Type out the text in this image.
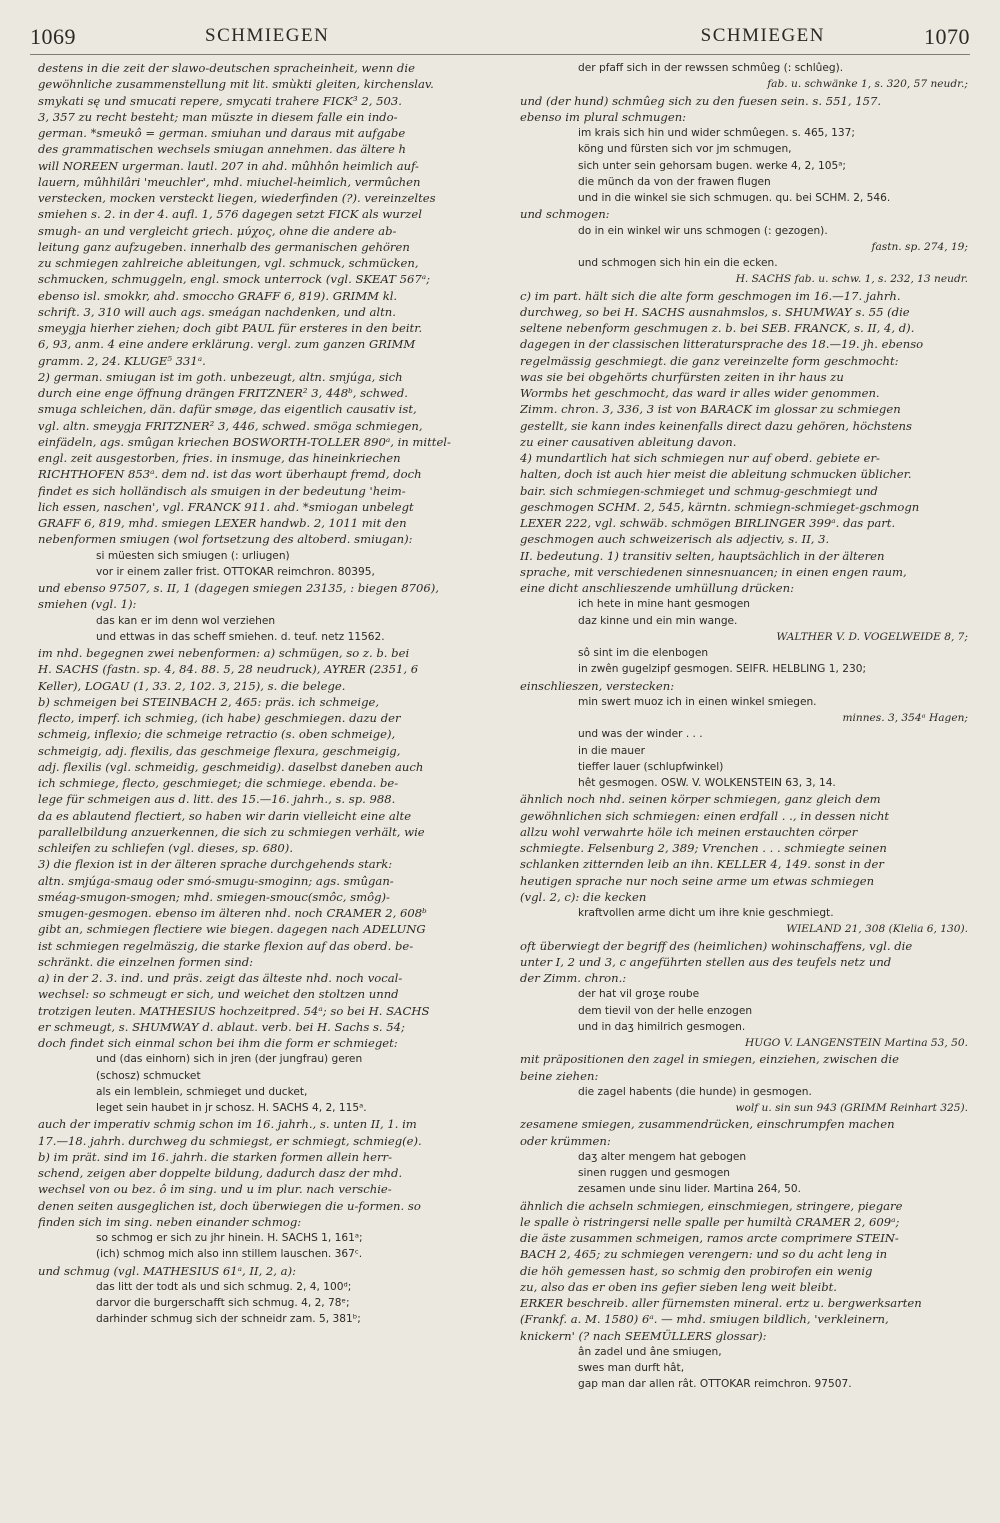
1069	SCHMIEGEN	SCHMIEGEN	1070
destens in die zeit der slawo-deutschen spracheinheit, wenn die
gewöhnliche zusammenstellung mit lit. smùkti gleiten, kirchenslav.
smykati sę und smucati repere, smycati trahere FICK³ 2, 503.
3, 357 zu recht besteht; man müszte in diesem falle ein indo-
german. *smeukô = german. smiuhan und daraus mit aufgabe
des grammatischen wechsels smiugan annehmen. das ältere h
will NOREEN urgerman. lautl. 207 in ahd. mûhhôn heimlich auf-
lauern, mûhhilâri 'meuchler', mhd. miuchel-heimlich, vermûchen
verstecken, mocken versteckt liegen, wiederfinden (?). vereinzeltes
smiehen s. 2. in der 4. aufl. 1, 576 dagegen setzt FICK als wurzel
smugh- an und vergleicht griech. μύχος, ohne die andere ab-
leitung ganz aufzugeben. innerhalb des germanischen gehören
zu schmiegen zahlreiche ableitungen, vgl. schmuck, schmücken,
schmucken, schmuggeln, engl. smock unterrock (vgl. SKEAT 567ᵃ;
ebenso isl. smokkr, ahd. smoccho GRAFF 6, 819). GRIMM kl.
schrift. 3, 310 will auch ags. smeágan nachdenken, und altn.
smeygja hierher ziehen; doch gibt PAUL für ersteres in den beitr.
6, 93, anm. 4 eine andere erklärung. vergl. zum ganzen GRIMM
gramm. 2, 24. KLUGE⁵ 331ᵃ.
2) german. smiugan ist im goth. unbezeugt, altn. smjúga, sich
durch eine enge öffnung drängen FRITZNER² 3, 448ᵇ, schwed.
smuga schleichen, dän. dafür smøge, das eigentlich causativ ist,
vgl. altn. smeygja FRITZNER² 3, 446, schwed. smöga schmiegen,
einfädeln, ags. smûgan kriechen BOSWORTH-TOLLER 890ᵃ, in mittel-
engl. zeit ausgestorben, fries. in insmuge, das hineinkriechen
RICHTHOFEN 853ᵃ. dem nd. ist das wort überhaupt fremd, doch
findet es sich holländisch als smuigen in der bedeutung 'heim-
lich essen, naschen', vgl. FRANCK 911. ahd. *smiogan unbelegt
GRAFF 6, 819, mhd. smiegen LEXER handwb. 2, 1011 mit den
nebenformen smiugen (wol fortsetzung des altoberd. smiugan):
si müesten sich smiugen (: urliugen)
vor ir einem zaller frist. OTTOKAR reimchron. 80395,
und ebenso 97507, s. II, 1 (dagegen smiegen 23135, : biegen 8706),
smiehen (vgl. 1):
das kan er im denn wol verziehen
und ettwas in das scheff smiehen. d. teuf. netz 11562.
im nhd. begegnen zwei nebenformen: a) schmügen, so z. b. bei
H. SACHS (fastn. sp. 4, 84. 88. 5, 28 neudruck), AYRER (2351, 6
Keller), LOGAU (1, 33. 2, 102. 3, 215), s. die belege.
b) schmeigen bei STEINBACH 2, 465: präs. ich schmeige,
flecto, imperf. ich schmieg, (ich habe) geschmiegen. dazu der
schmeig, inflexio; die schmeige retractio (s. oben schmeige),
schmeigig, adj. flexilis, das geschmeige flexura, geschmeigig,
adj. flexilis (vgl. schmeidig, geschmeidig). daselbst daneben auch
ich schmiege, flecto, geschmieget; die schmiege. ebenda. be-
lege für schmeigen aus d. litt. des 15.—16. jahrh., s. sp. 988.
da es ablautend flectiert, so haben wir darin vielleicht eine alte
parallelbildung anzuerkennen, die sich zu schmiegen verhält, wie
schleifen zu schliefen (vgl. dieses, sp. 680).
3) die flexion ist in der älteren sprache durchgehends stark:
altn. smjúga-smaug oder smó-smugu-smoginn; ags. smûgan-
sméag-smugon-smogen; mhd. smiegen-smouc(smôc, smôg)-
smugen-gesmogen. ebenso im älteren nhd. noch CRAMER 2, 608ᵇ
gibt an, schmiegen flectiere wie biegen. dagegen nach ADELUNG
ist schmiegen regelmäszig, die starke flexion auf das oberd. be-
schränkt. die einzelnen formen sind:
a) in der 2. 3. ind. und präs. zeigt das älteste nhd. noch vocal-
wechsel: so schmeugt er sich, und weichet den stoltzen unnd
trotzigen leuten. MATHESIUS hochzeitpred. 54ᵃ; so bei H. SACHS
er schmeugt, s. SHUMWAY d. ablaut. verb. bei H. Sachs s. 54;
doch findet sich einmal schon bei ihm die form er schmieget:
und (das einhorn) sich in jren (der jungfrau) geren
(schosz) schmucket
als ein lemblein, schmieget und ducket,
leget sein haubet in jr schosz. H. SACHS 4, 2, 115ᵃ.
auch der imperativ schmig schon im 16. jahrh., s. unten II, 1. im
17.—18. jahrh. durchweg du schmiegst, er schmiegt, schmieg(e).
b) im prät. sind im 16. jahrh. die starken formen allein herr-
schend, zeigen aber doppelte bildung, dadurch dasz der mhd.
wechsel von ou bez. ô im sing. und u im plur. nach verschie-
denen seiten ausgeglichen ist, doch überwiegen die u-formen. so
finden sich im sing. neben einander schmog:
so schmog er sich zu jhr hinein. H. SACHS 1, 161ᵃ;
(ich) schmog mich also inn stillem lauschen. 367ᶜ.
und schmug (vgl. MATHESIUS 61ᵃ, II, 2, a):
das litt der todt als und sich schmug. 2, 4, 100ᵈ;
darvor die burgerschafft sich schmug. 4, 2, 78ᵉ;
darhinder schmug sich der schneidr zam. 5, 381ᵇ;
der pfaff sich in der rewssen schmûeg (: schlûeg).
fab. u. schwänke 1, s. 320, 57 neudr.;
und (der hund) schmûeg sich zu den fuesen sein. s. 551, 157.
ebenso im plural schmugen:
im krais sich hin und wider schmûegen. s. 465, 137;
köng und fürsten sich vor jm schmugen,
sich unter sein gehorsam bugen. werke 4, 2, 105ᵃ;
die münch da von der frawen flugen
und in die winkel sie sich schmugen. qu. bei SCHM. 2, 546.
und schmogen:
do in ein winkel wir uns schmogen (: gezogen).
fastn. sp. 274, 19;
und schmogen sich hin ein die ecken.
H. SACHS fab. u. schw. 1, s. 232, 13 neudr.
c) im part. hält sich die alte form geschmogen im 16.—17. jahrh.
durchweg, so bei H. SACHS ausnahmslos, s. SHUMWAY s. 55 (die
seltene nebenform geschmugen z. b. bei SEB. FRANCK, s. II, 4, d).
dagegen in der classischen litteratursprache des 18.—19. jh. ebenso
regelmässig geschmiegt. die ganz vereinzelte form geschmocht:
was sie bei obgehörts churfürsten zeiten in ihr haus zu
Wormbs het geschmocht, das ward ir alles wider genommen.
Zimm. chron. 3, 336, 3 ist von BARACK im glossar zu schmiegen
gestellt, sie kann indes keinenfalls direct dazu gehören, höchstens
zu einer causativen ableitung davon.
4) mundartlich hat sich schmiegen nur auf oberd. gebiete er-
halten, doch ist auch hier meist die ableitung schmucken üblicher.
bair. sich schmiegen-schmieget und schmug-geschmiegt und
geschmogen SCHM. 2, 545, kärntn. schmiegn-schmieget-gschmogn
LEXER 222, vgl. schwäb. schmögen BIRLINGER 399ᵃ. das part.
geschmogen auch schweizerisch als adjectiv, s. II, 3.
II. bedeutung. 1) transitiv selten, hauptsächlich in der älteren
sprache, mit verschiedenen sinnesnuancen; in einen engen raum,
eine dicht anschlieszende umhüllung drücken:
ich hete in mine hant gesmogen
daz kinne und ein min wange.
WALTHER V. D. VOGELWEIDE 8, 7;
sô sint im die elenbogen
in zwên gugelzipf gesmogen. SEIFR. HELBLING 1, 230;
einschlieszen, verstecken:
min swert muoz ich in einen winkel smiegen.
minnes. 3, 354ᵃ Hagen;
und was der winder . . .
in die mauer
tieffer lauer (schlupfwinkel)
hêt gesmogen. OSW. V. WOLKENSTEIN 63, 3, 14.
ähnlich noch nhd. seinen körper schmiegen, ganz gleich dem
gewöhnlichen sich schmiegen: einen erdfall . ., in dessen nicht
allzu wohl verwahrte höle ich meinen erstauchten cörper
schmiegte. Felsenburg 2, 389; Vrenchen . . . schmiegte seinen
schlanken zitternden leib an ihn. KELLER 4, 149. sonst in der
heutigen sprache nur noch seine arme um etwas schmiegen
(vgl. 2, c): die kecken
kraftvollen arme dicht um ihre knie geschmiegt.
WIELAND 21, 308 (Klelia 6, 130).
oft überwiegt der begriff des (heimlichen) wohinschaffens, vgl. die
unter I, 2 und 3, c angeführten stellen aus des teufels netz und
der Zimm. chron.:
der hat vil groʒe roube
dem tievil von der helle enzogen
und in daʒ himilrich gesmogen.
HUGO V. LANGENSTEIN Martina 53, 50.
mit präpositionen den zagel in smiegen, einziehen, zwischen die
beine ziehen:
die zagel habents (die hunde) in gesmogen.
wolf u. sin sun 943 (GRIMM Reinhart 325).
zesamene smiegen, zusammendrücken, einschrumpfen machen
oder krümmen:
daʒ alter mengem hat gebogen
sinen ruggen und gesmogen
zesamen unde sinu lider. Martina 264, 50.
ähnlich die achseln schmiegen, einschmiegen, stringere, piegare
le spalle ò ristringersi nelle spalle per humiltà CRAMER 2, 609ᵃ;
die äste zusammen schmeigen, ramos arcte comprimere STEIN-
BACH 2, 465; zu schmiegen verengern: und so du acht leng in
die höh gemessen hast, so schmig den probirofen ein wenig
zu, also das er oben ins gefier sieben leng weit bleibt.
ERKER beschreib. aller fürnemsten mineral. ertz u. bergwerksarten
(Frankf. a. M. 1580) 6ᵃ. — mhd. smiugen bildlich, 'verkleinern,
knickern' (? nach SEEMÜLLERS glossar):
ân zadel und âne smiugen,
swes man durft hât,
gap man dar allen rât. OTTOKAR reimchron. 97507.
